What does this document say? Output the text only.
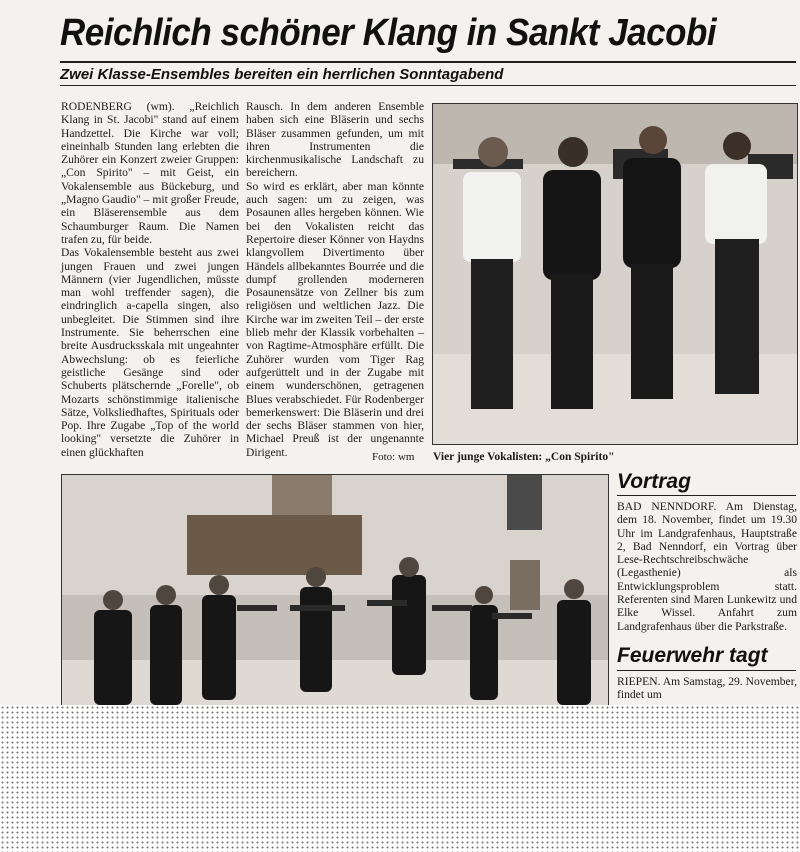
Reichlich schöner Klang in Sankt Jacobi
Zwei Klasse-Ensembles bereiten ein herrlichen Sonntagabend

RODENBERG (wm). „Reichlich Klang in St. Jacobi" stand auf einem Handzettel. Die Kirche war voll; eineinhalb Stunden lang erlebten die Zuhörer ein Konzert zweier Gruppen: „Con Spirito" – mit Geist, ein Vokalensemble aus Bückeburg, und „Magno Gaudio" – mit großer Freude, ein Bläserensemble aus dem Schaumburger Raum. Die Namen trafen zu, für beide.

Das Vokalensemble besteht aus zwei jungen Frauen und zwei jungen Männern (vier Jugendlichen, müsste man wohl treffender sagen), die eindringlich a-capella singen, also unbegleitet. Die Stimmen sind ihre Instrumente. Sie beherrschen eine breite Ausdrucksskala mit ungeahnter Abwechslung: ob es feierliche geistliche Gesänge sind oder Schuberts plätschernde „Forelle", ob Mozarts schönstimmige italienische Sätze, Volksliedhaftes, Spirituals oder Pop. Ihre Zugabe „Top of the world looking" versetzte die Zuhörer in einen glückhaften

Rausch. In dem anderen Ensemble haben sich eine Bläserin und sechs Bläser zusammen gefunden, um mit ihren Instrumenten die kirchenmusikalische Landschaft zu bereichern.

So wird es erklärt, aber man könnte auch sagen: um zu zeigen, was Posaunen alles hergeben können. Wie bei den Vokalisten reicht das Repertoire dieser Könner von Haydns klangvollem Divertimento über Händels allbekanntes Bourrée und die dumpf grollenden moderneren Posaunensätze von Zellner bis zum religiösen und weltlichen Jazz. Die Kirche war im zweiten Teil – der erste blieb mehr der Klassik vorbehalten – von Ragtime-Atmosphäre erfüllt. Die Zuhörer wurden vom Tiger Rag aufgerüttelt und in der Zugabe mit einem wunderschönen, getragenen Blues verabschiedet. Für Rodenberger bemerkenswert: Die Bläserin und drei der sechs Bläser stammen von hier, Michael Preuß ist der ungenannte Dirigent.	Foto: wm Vier junge Vokalisten: „Con Spirito"
Vortrag
BAD NENNDORF. Am Dienstag, dem 18. November, findet um 19.30 Uhr im Landgrafenhaus, Hauptstraße 2, Bad Nenndorf, ein Vortrag über Lese-Rechtschreibschwäche (Legasthenie) als Entwicklungsproblem statt. Referenten sind Maren Lunkewitz und Elke Wissel. Anfahrt zum Landgrafenhaus über die Parkstraße.
Feuerwehr tagt
RIEPEN. Am Samstag, 29. November, findet um
